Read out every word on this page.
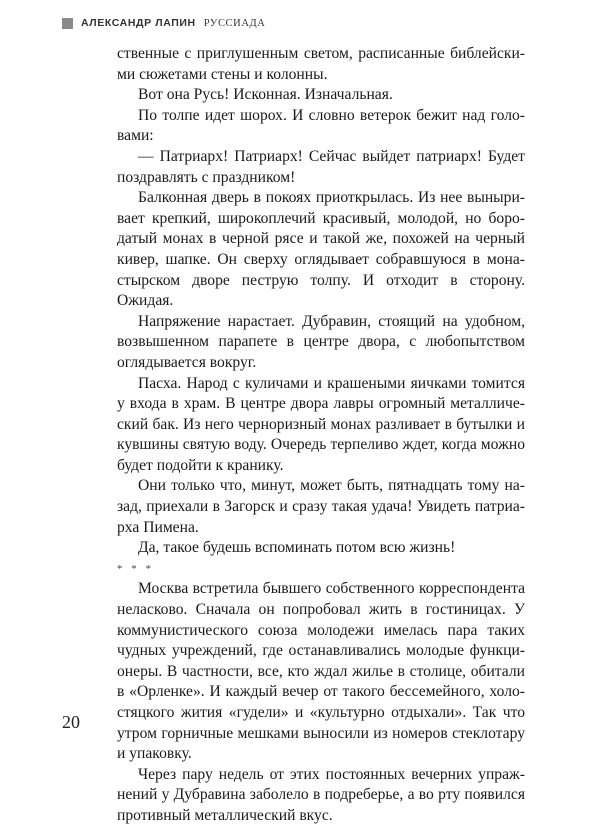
АЛЕКСАНДР ЛАПИН РУССИАДА

ственные с приглушенным светом, расписанные библейскими сюжетами стены и колонны.

Вот она Русь! Исконная. Изначальная.

По толпе идет шорох. И словно ветерок бежит над головами:

— Патриарх! Патриарх! Сейчас выйдет патриарх! Будет поздравлять с праздником!

Балконная дверь в покоях приоткрылась. Из нее выныривает крепкий, широкоплечий красивый, молодой, но бородатый монах в черной рясе и такой же, похожей на черный кивер, шапке. Он сверху оглядывает собравшуюся в монастырском дворе пеструю толпу. И отходит в сторону. Ожидая.

Напряжение нарастает. Дубравин, стоящий на удобном, возвышенном парапете в центре двора, с любопытством оглядывается вокруг.

Пасха. Народ с куличами и крашеными яичками томится у входа в храм. В центре двора лавры огромный металлический бак. Из него черноризный монах разливает в бутылки и кувшины святую воду. Очередь терпеливо ждет, когда можно будет подойти к кранику.

Они только что, минут, может быть, пятнадцать тому назад, приехали в Загорск и сразу такая удача! Увидеть патриарха Пимена.

Да, такое будешь вспоминать потом всю жизнь!

* * *

Москва встретила бывшего собственного корреспондента неласково. Сначала он попробовал жить в гостиницах. У коммунистического союза молодежи имелась пара таких чудных учреждений, где останавливались молодые функционеры. В частности, все, кто ждал жилье в столице, обитали в «Орленке». И каждый вечер от такого бессемейного, холостяцкого жития «гудели» и «культурно отдыхали». Так что утром горничные мешками выносили из номеров стеклотару и упаковку.

Через пару недель от этих постоянных вечерних упражнений у Дубравина заболело в подреберье, а во рту появился противный металлический вкус.

20
